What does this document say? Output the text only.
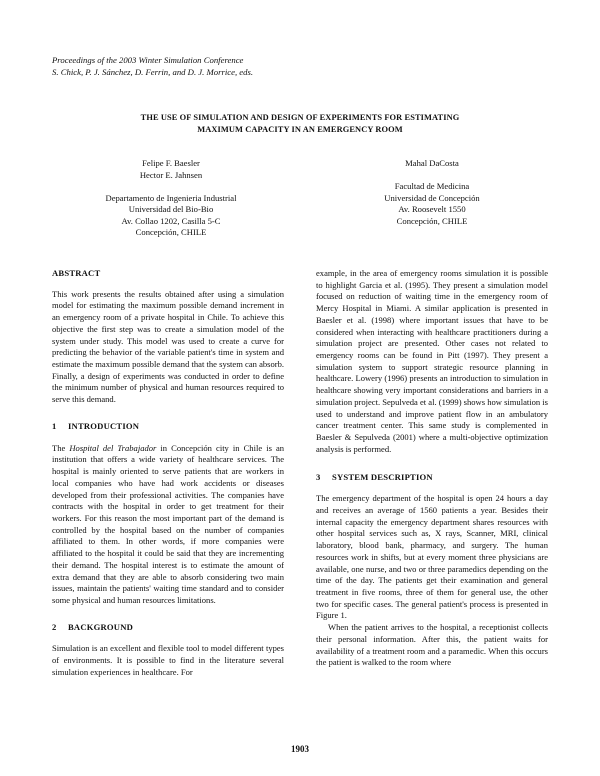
Proceedings of the 2003 Winter Simulation Conference
S. Chick, P. J. Sánchez, D. Ferrin, and D. J. Morrice, eds.
THE USE OF SIMULATION AND DESIGN OF EXPERIMENTS FOR ESTIMATING
MAXIMUM CAPACITY IN AN EMERGENCY ROOM
Felipe F. Baesler
Hector E. Jahnsen
Departamento de Ingenieria Industrial
Universidad del Bio-Bio
Av. Collao 1202, Casilla 5-C
Concepción, CHILE
Mahal DaCosta
Facultad de Medicina
Universidad de Concepción
Av. Roosevelt 1550
Concepción, CHILE
ABSTRACT

This work presents the results obtained after using a simulation model for estimating the maximum possible demand increment in an emergency room of a private hospital in Chile. To achieve this objective the first step was to create a simulation model of the system under study. This model was used to create a curve for predicting the behavior of the variable patient's time in system and estimate the maximum possible demand that the system can absorb. Finally, a design of experiments was conducted in order to define the minimum number of physical and human resources required to serve this demand.

1 INTRODUCTION

The Hospital del Trabajador in Concepción city in Chile is an institution that offers a wide variety of healthcare services. The hospital is mainly oriented to serve patients that are workers in local companies who have had work accidents or diseases developed from their professional activities. The companies have contracts with the hospital in order to get treatment for their workers. For this reason the most important part of the demand is controlled by the hospital based on the number of companies affiliated to them. In other words, if more companies were affiliated to the hospital it could be said that they are incrementing their demand. The hospital interest is to estimate the amount of extra demand that they are able to absorb considering two main issues, maintain the patients' waiting time standard and to consider some physical and human resources limitations.

2 BACKGROUND

Simulation is an excellent and flexible tool to model different types of environments. It is possible to find in the literature several simulation experiences in healthcare. For

example, in the area of emergency rooms simulation it is possible to highlight Garcia et al. (1995). They present a simulation model focused on reduction of waiting time in the emergency room of Mercy Hospital in Miami. A similar application is presented in Baesler et al. (1998) where important issues that have to be considered when interacting with healthcare practitioners during a simulation project are presented. Other cases not related to emergency rooms can be found in Pitt (1997). They present a simulation system to support strategic resource planning in healthcare. Lowery (1996) presents an introduction to simulation in healthcare showing very important considerations and barriers in a simulation project. Sepulveda et al. (1999) shows how simulation is used to understand and improve patient flow in an ambulatory cancer treatment center. This same study is complemented in Baesler & Sepulveda (2001) where a multi-objective optimization analysis is performed.

3 SYSTEM DESCRIPTION

The emergency department of the hospital is open 24 hours a day and receives an average of 1560 patients a year. Besides their internal capacity the emergency department shares resources with other hospital services such as, X rays, Scanner, MRI, clinical laboratory, blood bank, pharmacy, and surgery. The human resources work in shifts, but at every moment three physicians are available, one nurse, and two or three paramedics depending on the time of the day. The patients get their examination and general treatment in five rooms, three of them for general use, the other two for specific cases. The general patient's process is presented in Figure 1.

When the patient arrives to the hospital, a receptionist collects their personal information. After this, the patient waits for availability of a treatment room and a paramedic. When this occurs the patient is walked to the room where

1903
